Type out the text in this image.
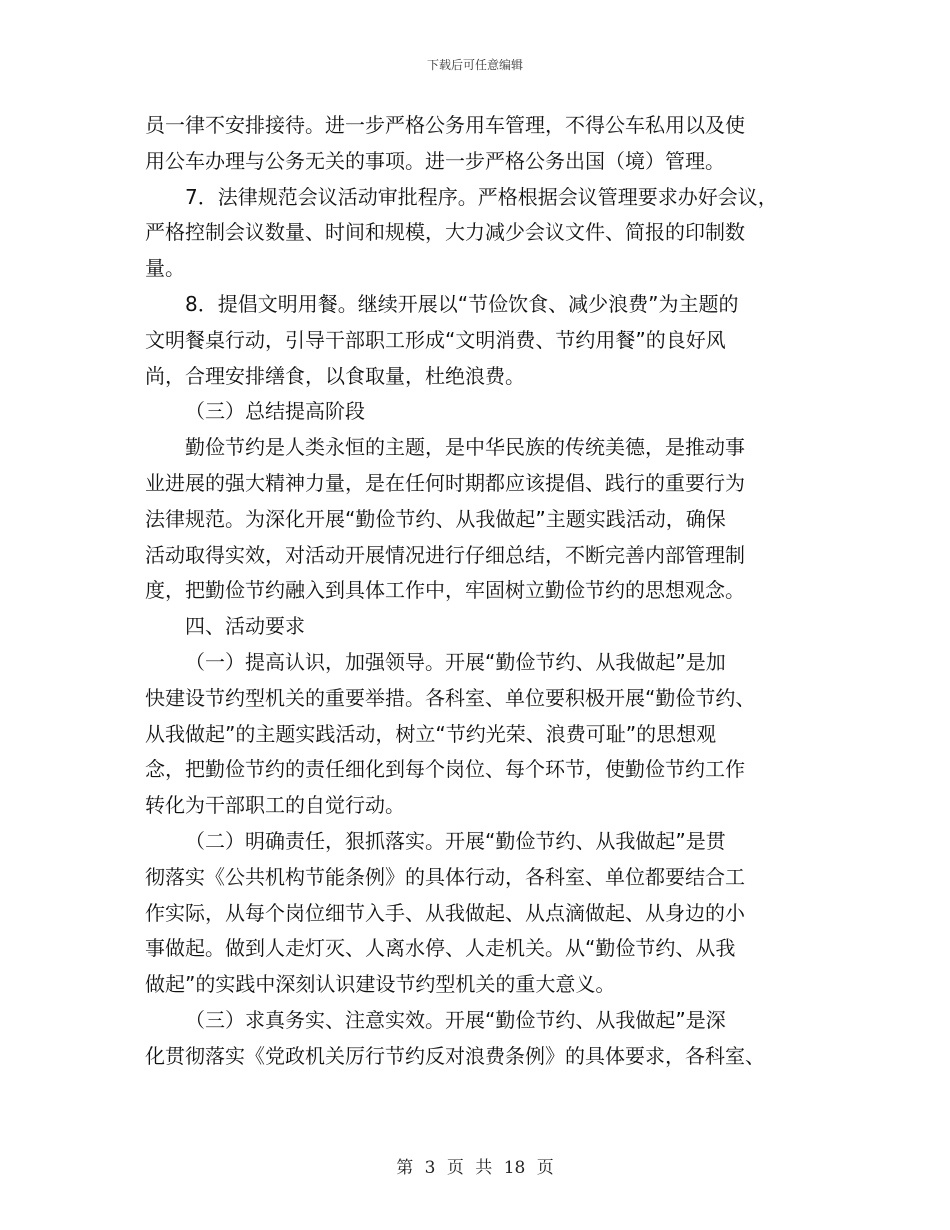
下载后可任意编辑
员一律不安排接待。进一步严格公务用车管理，不得公车私用以及使
用公车办理与公务无关的事项。进一步严格公务出国（境）管理。
7．法律规范会议活动审批程序。严格根据会议管理要求办好会议，
严格控制会议数量、时间和规模，大力减少会议文件、简报的印制数
量。
8．提倡文明用餐。继续开展以“节俭饮食、减少浪费”为主题的
文明餐桌行动，引导干部职工形成“文明消费、节约用餐”的良好风
尚，合理安排缮食，以食取量，杜绝浪费。
（三）总结提高阶段
勤俭节约是人类永恒的主题，是中华民族的传统美德，是推动事
业进展的强大精神力量，是在任何时期都应该提倡、践行的重要行为
法律规范。为深化开展“勤俭节约、从我做起”主题实践活动，确保
活动取得实效，对活动开展情况进行仔细总结，不断完善内部管理制
度，把勤俭节约融入到具体工作中，牢固树立勤俭节约的思想观念。
四、活动要求
（一）提高认识，加强领导。开展“勤俭节约、从我做起”是加
快建设节约型机关的重要举措。各科室、单位要积极开展“勤俭节约、
从我做起”的主题实践活动，树立“节约光荣、浪费可耻”的思想观
念，把勤俭节约的责任细化到每个岗位、每个环节，使勤俭节约工作
转化为干部职工的自觉行动。
（二）明确责任，狠抓落实。开展“勤俭节约、从我做起”是贯
彻落实《公共机构节能条例》的具体行动，各科室、单位都要结合工
作实际，从每个岗位细节入手、从我做起、从点滴做起、从身边的小
事做起。做到人走灯灭、人离水停、人走机关。从“勤俭节约、从我
做起”的实践中深刻认识建设节约型机关的重大意义。
（三）求真务实、注意实效。开展“勤俭节约、从我做起”是深
化贯彻落实《党政机关厉行节约反对浪费条例》的具体要求，各科室、
第 3 页 共 18 页
